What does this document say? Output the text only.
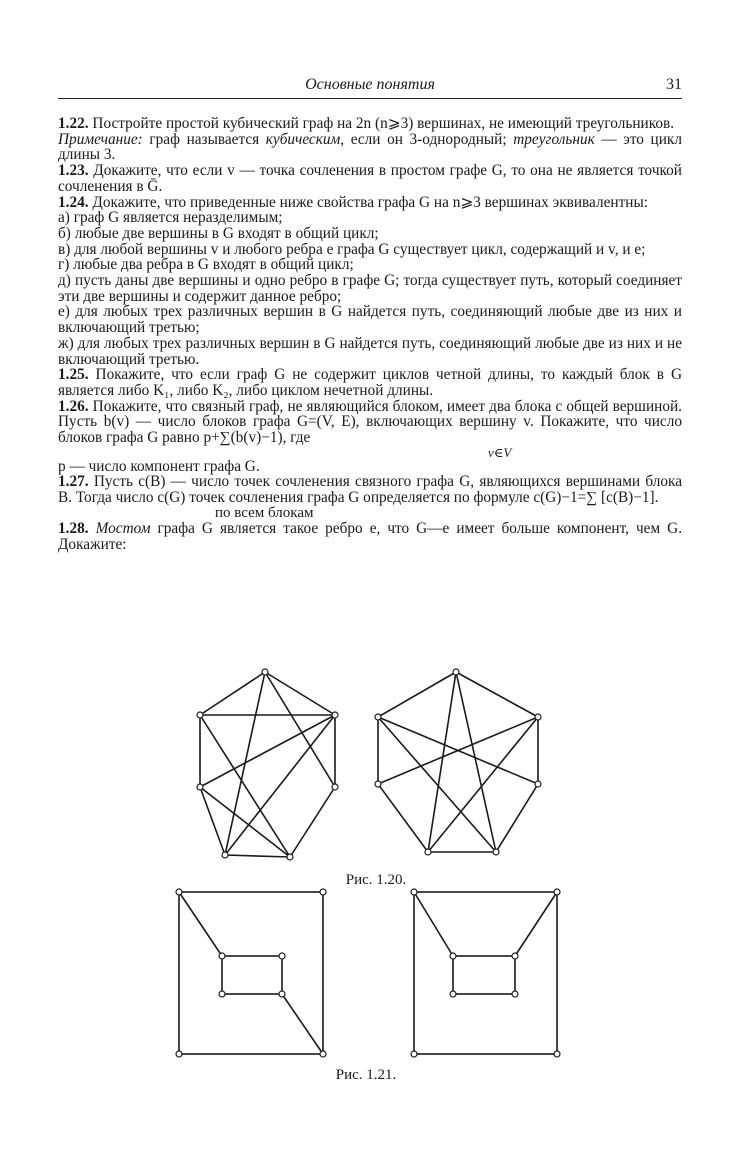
Основные понятия	31

1.22. Постройте простой кубический граф на 2n (n⩾3) вершинах, не имеющий треугольников.

Примечание: граф называется кубическим, если он 3-однородный; треугольник — это цикл длины 3.

1.23. Докажите, что если v — точка сочленения в простом графе G, то она не является точкой сочленения в Ḡ.

1.24. Докажите, что приведенные ниже свойства графа G на n⩾3 вершинах эквивалентны:

а) граф G является неразделимым;

б) любые две вершины в G входят в общий цикл;

в) для любой вершины v и любого ребра e графа G существует цикл, содержащий и v, и e;

г) любые два ребра в G входят в общий цикл;

д) пусть даны две вершины и одно ребро в графе G; тогда существует путь, который соединяет эти две вершины и содержит данное ребро;

е) для любых трех различных вершин в G найдется путь, соединяющий любые две из них и включающий третью;

ж) для любых трех различных вершин в G найдется путь, соединяющий любые две из них и не включающий третью.

1.25. Покажите, что если граф G не содержит циклов четной длины, то каждый блок в G является либо K₁, либо K₂, либо циклом нечетной длины.

1.26. Покажите, что связный граф, не являющийся блоком, имеет два блока с общей вершиной. Пусть b(v) — число блоков графа G=(V, E), включающих вершину v. Покажите, что число блоков графа G равно p+∑(b(v)−1), где

v∈V

p — число компонент графа G.

1.27. Пусть c(B) — число точек сочленения связного графа G, являющихся вершинами блока B. Тогда число c(G) точек сочленения графа G определяется по формуле c(G)−1=∑ [c(B)−1].

по всем блокам

1.28. Мостом графа G является такое ребро e, что G—e имеет больше компонент, чем G. Докажите:

Рис. 1.20.
Рис. 1.21.
